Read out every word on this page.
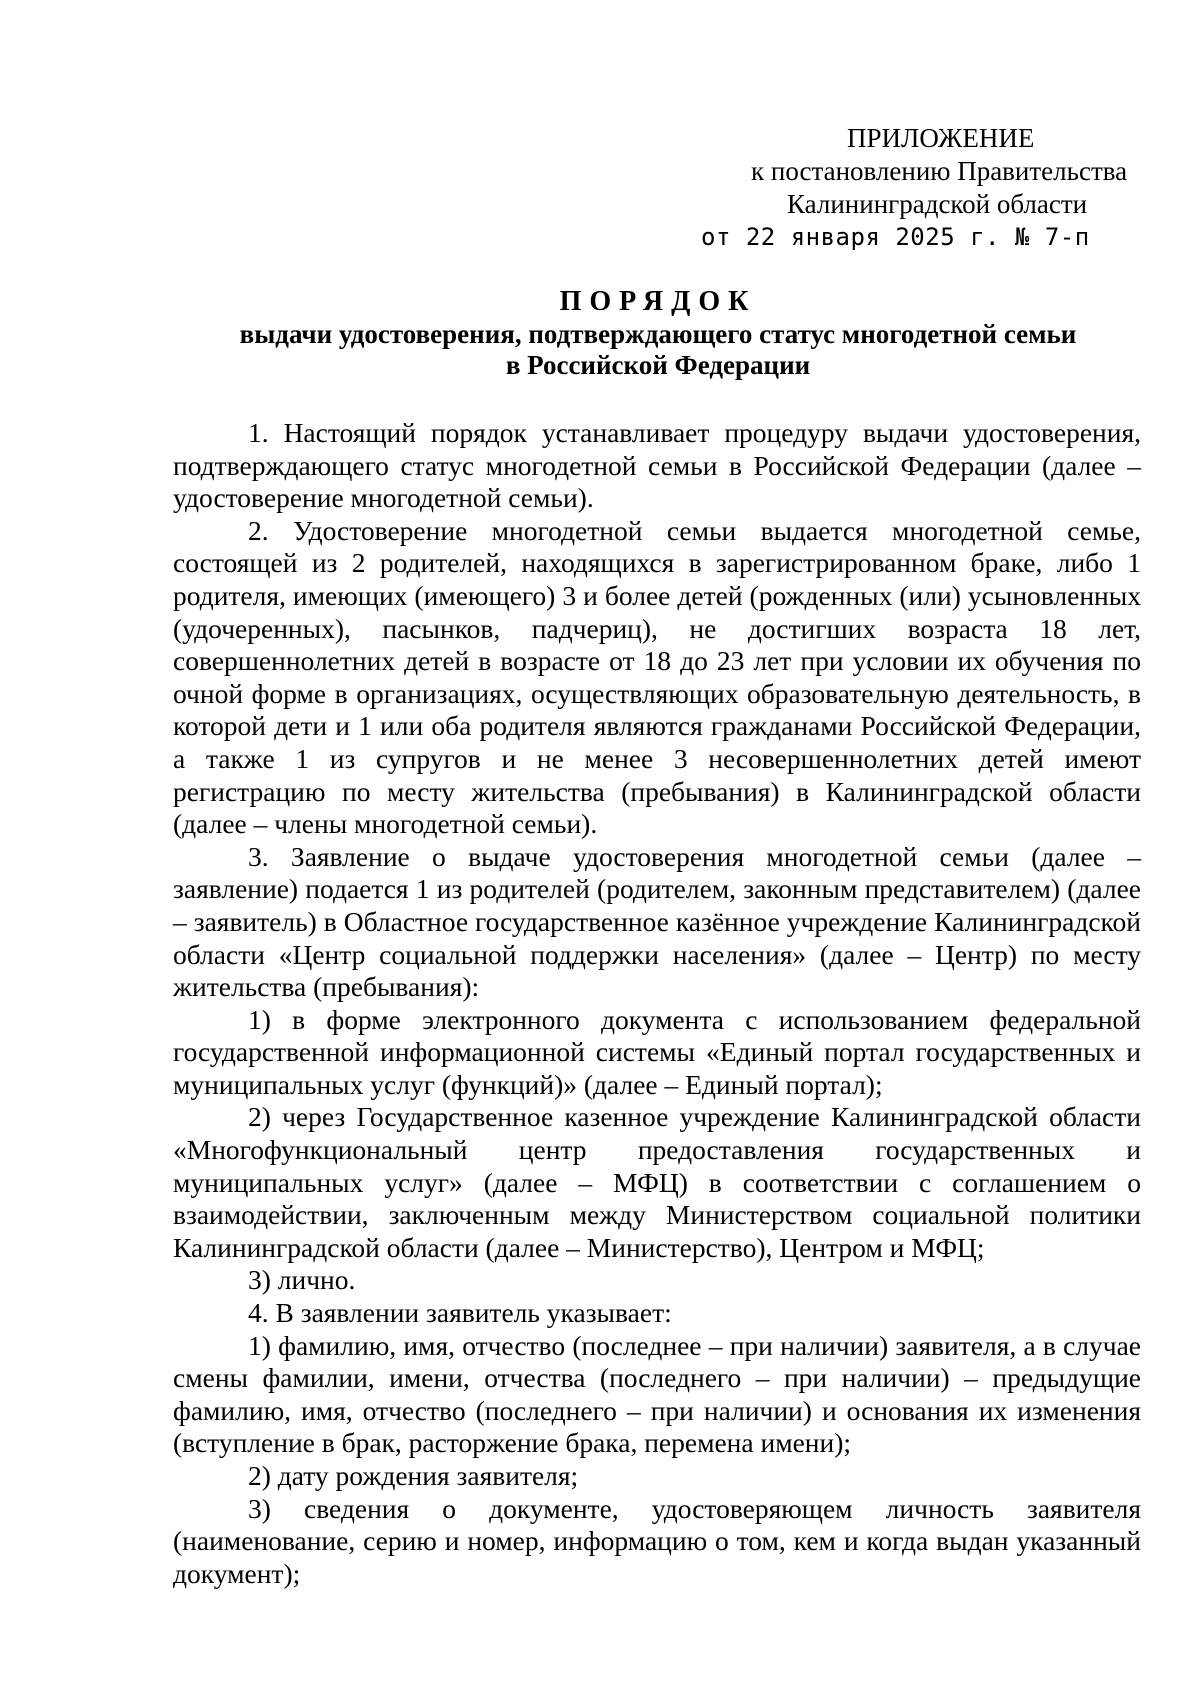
ПРИЛОЖЕНИЕ
к постановлению Правительства
Калининградской области
от 22 января 2025 г. № 7-п
ПОРЯДОК
выдачи удостоверения, подтверждающего статус многодетной семьи
в Российской Федерации

1. Настоящий порядок устанавливает процедуру выдачи удостоверения, подтверждающего статус многодетной семьи в Российской Федерации (далее – удостоверение многодетной семьи).

2. Удостоверение многодетной семьи выдается многодетной семье, состоящей из 2 родителей, находящихся в зарегистрированном браке, либо 1 родителя, имеющих (имеющего) 3 и более детей (рожденных (или) усыновленных (удочеренных), пасынков, падчериц), не достигших возраста 18 лет, совершеннолетних детей в возрасте от 18 до 23 лет при условии их обучения по очной форме в организациях, осуществляющих образовательную деятельность, в которой дети и 1 или оба родителя являются гражданами Российской Федерации, а также 1 из супругов и не менее 3 несовершеннолетних детей имеют регистрацию по месту жительства (пребывания) в Калининградской области (далее – члены многодетной семьи).

3. Заявление о выдаче удостоверения многодетной семьи (далее – заявление) подается 1 из родителей (родителем, законным представителем) (далее – заявитель) в Областное государственное казённое учреждение Калининградской области «Центр социальной поддержки населения» (далее – Центр) по месту жительства (пребывания):

1) в форме электронного документа с использованием федеральной государственной информационной системы «Единый портал государственных и муниципальных услуг (функций)» (далее – Единый портал);

2) через Государственное казенное учреждение Калининградской области «Многофункциональный центр предоставления государственных и муниципальных услуг» (далее – МФЦ) в соответствии с соглашением о взаимодействии, заключенным между Министерством социальной политики Калининградской области (далее – Министерство), Центром и МФЦ;

3) лично.

4. В заявлении заявитель указывает:

1) фамилию, имя, отчество (последнее – при наличии) заявителя, а в случае смены фамилии, имени, отчества (последнего – при наличии) – предыдущие фамилию, имя, отчество (последнего – при наличии) и основания их изменения (вступление в брак, расторжение брака, перемена имени);

2) дату рождения заявителя;

3) сведения о документе, удостоверяющем личность заявителя (наименование, серию и номер, информацию о том, кем и когда выдан указанный документ);
